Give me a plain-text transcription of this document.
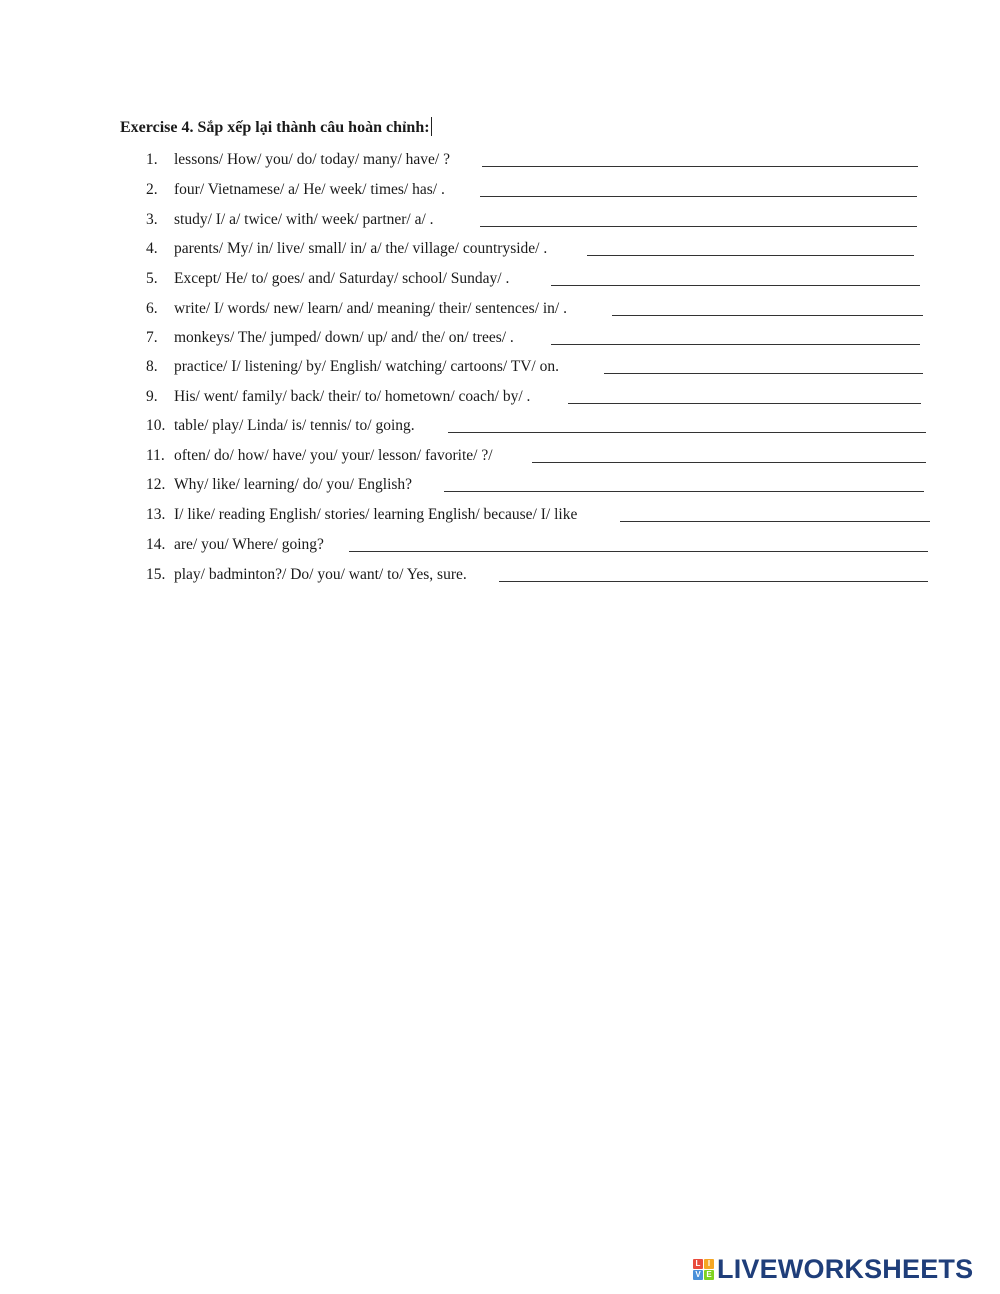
Exercise 4. Sắp xếp lại thành câu hoàn chỉnh:
1.	lessons/ How/ you/ do/ today/ many/ have/ ?
2.	four/ Vietnamese/ a/ He/ week/ times/ has/ .
3.	study/ I/ a/ twice/ with/ week/ partner/ a/ .
4.	parents/ My/ in/ live/ small/ in/ a/ the/ village/ countryside/ .
5.	Except/ He/ to/ goes/ and/ Saturday/ school/ Sunday/ .
6.	write/ I/ words/ new/ learn/ and/ meaning/ their/ sentences/ in/ .
7.	monkeys/ The/ jumped/ down/ up/ and/ the/ on/ trees/ .
8.	practice/ I/ listening/ by/ English/ watching/ cartoons/ TV/ on.
9.	His/ went/ family/ back/ their/ to/ hometown/ coach/ by/ .
10. table/ play/ Linda/ is/ tennis/ to/ going.
11. often/ do/ how/ have/ you/ your/ lesson/ favorite/ ?/
12. Why/ like/ learning/ do/ you/ English?
13. I/ like/ reading English/ stories/ learning English/ because/ I/ like
14. are/ you/ Where/ going?
15. play/ badminton?/ Do/ you/ want/ to/ Yes, sure.
L I
V E LIVEWORKSHEETS
